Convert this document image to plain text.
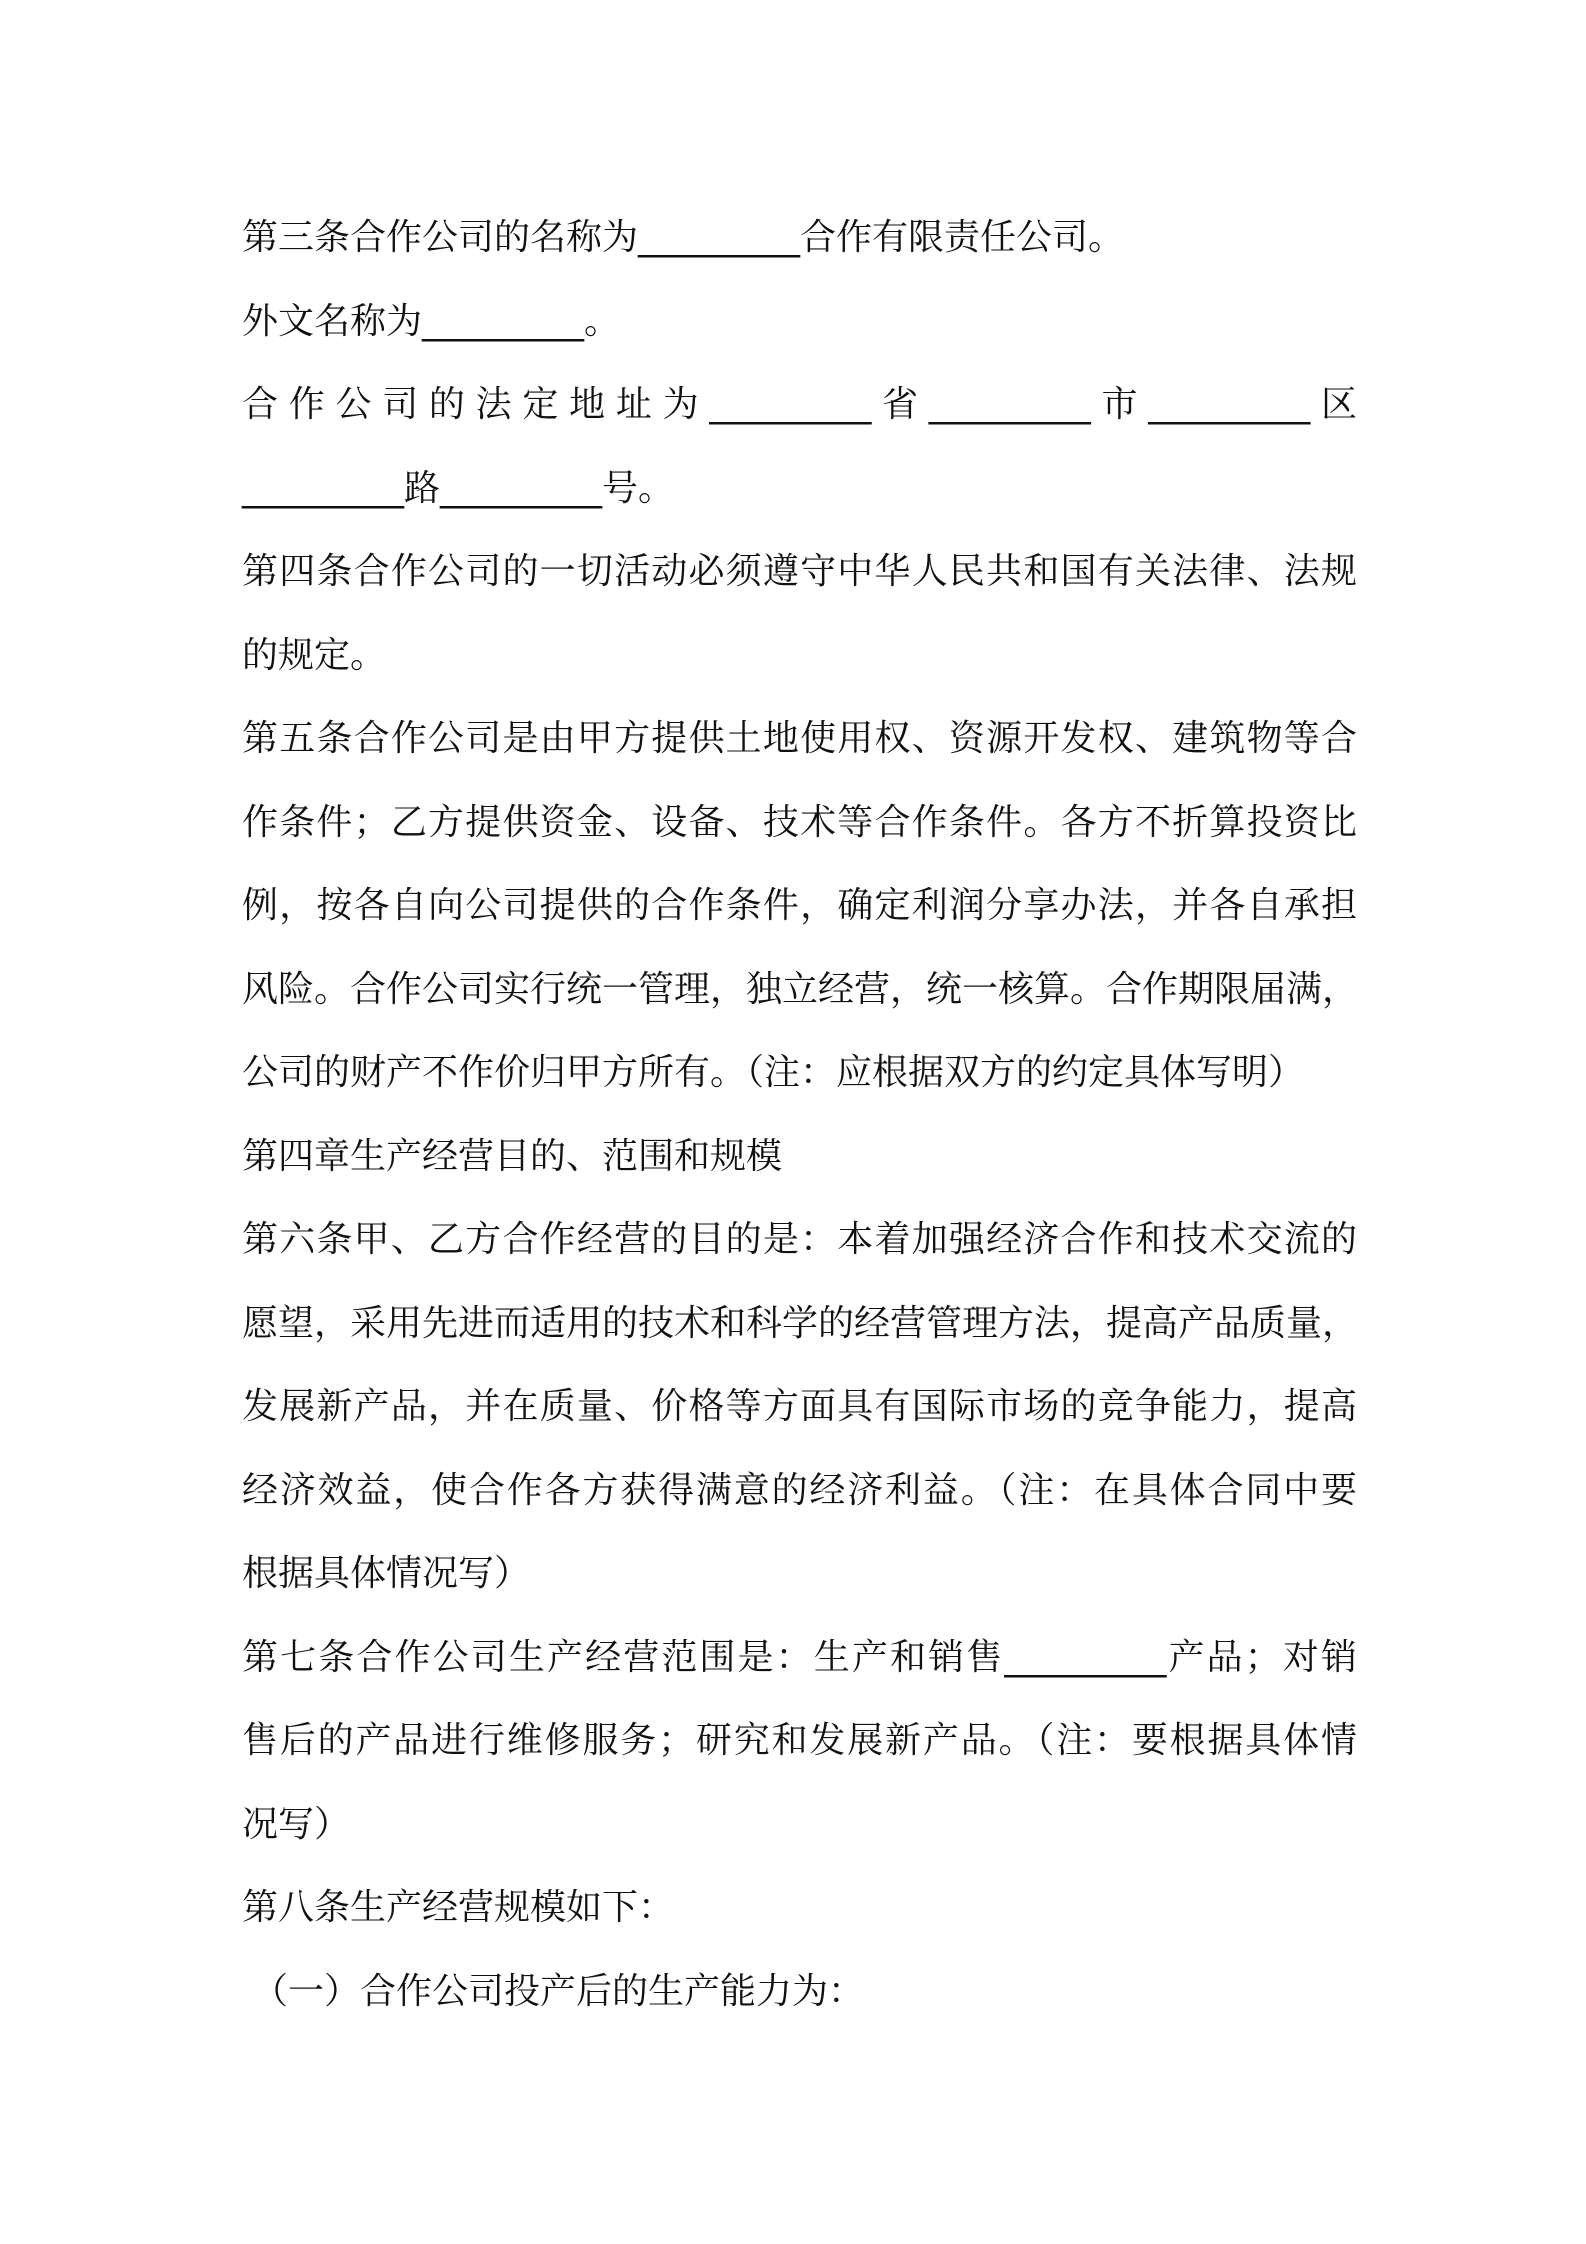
第三条合作公司的名称为_________合作有限责任公司。
外文名称为_________。
合作公司的法定地址为_________省_________市_________区
_________路_________号。
第四条合作公司的一切活动必须遵守中华人民共和国有关法律、法规
的规定。
第五条合作公司是由甲方提供土地使用权、资源开发权、建筑物等合
作条件；乙方提供资金、设备、技术等合作条件。各方不折算投资比
例，按各自向公司提供的合作条件，确定利润分享办法，并各自承担
风险。合作公司实行统一管理，独立经营，统一核算。合作期限届满，
公司的财产不作价归甲方所有。（注：应根据双方的约定具体写明）
第四章生产经营目的、范围和规模
第六条甲、乙方合作经营的目的是：本着加强经济合作和技术交流的
愿望，采用先进而适用的技术和科学的经营管理方法，提高产品质量，
发展新产品，并在质量、价格等方面具有国际市场的竞争能力，提高
经济效益，使合作各方获得满意的经济利益。（注：在具体合同中要
根据具体情况写）
第七条合作公司生产经营范围是：生产和销售_________产品；对销
售后的产品进行维修服务；研究和发展新产品。（注：要根据具体情
况写）
第八条生产经营规模如下：
（一）合作公司投产后的生产能力为：
